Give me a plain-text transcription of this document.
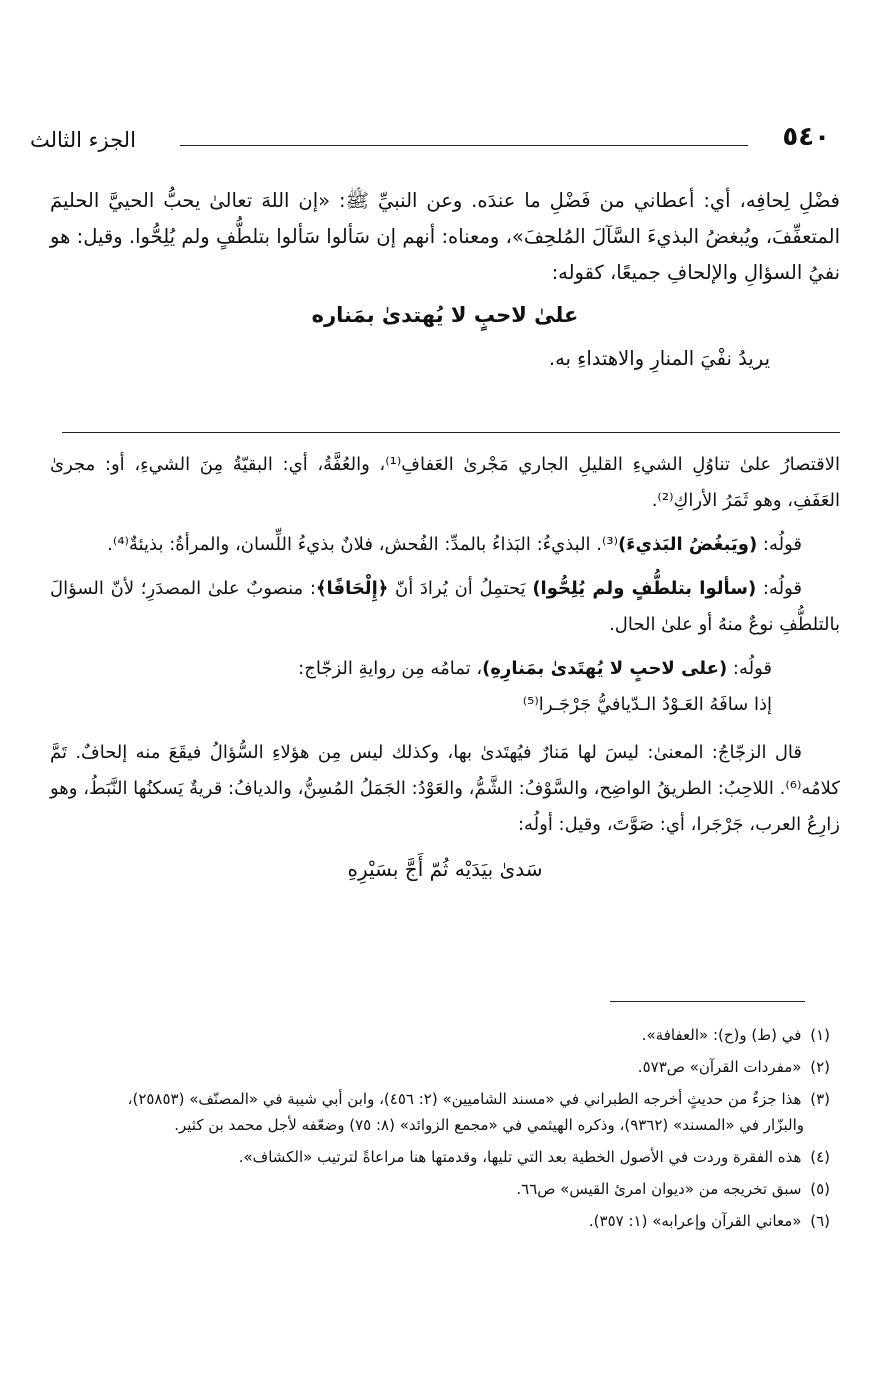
الجزء الثالث	٥٤٠

فضْلِ لِحافِه، أي: أعطاني من فَضْلِ ما عندَه. وعن النبيِّ ﷺ: «إن اللهَ تعالىٰ يحبُّ الحييَّ الحليمَ المتعفِّفَ، ويُبغضُ البذيءَ السَّآلَ المُلحِفَ»، ومعناه: أنهم إن سَألوا سَألوا بتلطُّفٍ ولم يُلِحُّوا. وقيل: هو نفيُ السؤالِ والإلحافِ جميعًا، كقوله:

علىٰ لاحبٍ لا يُهتدىٰ بمَناره

يريدُ نفْيَ المنارِ والاهتداءِ به.

الاقتصارُ علىٰ تناوُلِ الشيءِ القليلِ الجاري مَجْرىٰ العَفافِ⁽¹⁾، والعُفَّةُ، أي: البقيّةُ مِنَ الشيءِ، أو: مجرىٰ العَفَفِ، وهو ثَمَرُ الأراكِ⁽²⁾.

قولُه: (ويَبغُضُ البَذيءَ)⁽³⁾. البذيءُ: البَذاءُ بالمدِّ: الفُحش، فلانٌ بذيءُ اللِّسان، والمرأةُ: بذيئةٌ⁽⁴⁾.

قولُه: (سألوا بتلطُّفٍ ولم يُلِحُّوا) يَحتمِلُ أن يُرادَ أنّ ﴿إِلْحَافًا﴾: منصوبٌ علىٰ المصدَرِ؛ لأنّ السؤالَ بالتلطُّفِ نوعٌ منهُ أو علىٰ الحال.

قولُه: (على لاحبٍ لا يُهتَدىٰ بمَنارِهِ)، تمامُه مِن روايةِ الزجّاج:

إذا سافَهُ العَـوْدُ الـدّيافيُّ جَرْجَـرا⁽⁵⁾

قال الزجّاجُ: المعنىٰ: ليسَ لها مَنارٌ فيُهتَدىٰ بها، وكذلك ليس مِن هؤلاءِ السُّؤالُ فيقَعَ منه إلحافٌ. تَمَّ كلامُه⁽⁶⁾. اللاحِبُ: الطريقُ الواضِح، والسَّوْفُ: الشَّمُّ، والعَوْدُ: الجَمَلُ المُسِنُّ، والديافُ: قريةٌ يَسكنُها النَّبَطُ، وهو زارِعُ العرب، جَرْجَرا، أي: صَوَّتَ، وقيل: أولُه:

سَدىٰ بيَدَيْه ثُمّ أَجَّ بسَيْرِهِ

(١) في (ط) و(ح): «العفافة».
(٢) «مفردات القرآن» ص٥٧٣.
(٣) هذا جزءٌ من حديثٍ أخرجه الطبراني في «مسند الشاميين» (٢: ٤٥٦)، وابن أبي شيبة في «المصنّف» (٢٥٨٥٣)،
والبزّار في «المسند» (٩٣٦٢)، وذكره الهيثمي في «مجمع الزوائد» (٨: ٧٥) وضعّفه لأجل محمد بن كثير.
(٤) هذه الفقرة وردت في الأصول الخطية بعد التي تليها، وقدمتها هنا مراعاةً لترتيب «الكشاف».
(٥) سبق تخريجه من «ديوان امرئ القيس» ص٦٦.
(٦) «معاني القرآن وإعرابه» (١: ٣٥٧).
